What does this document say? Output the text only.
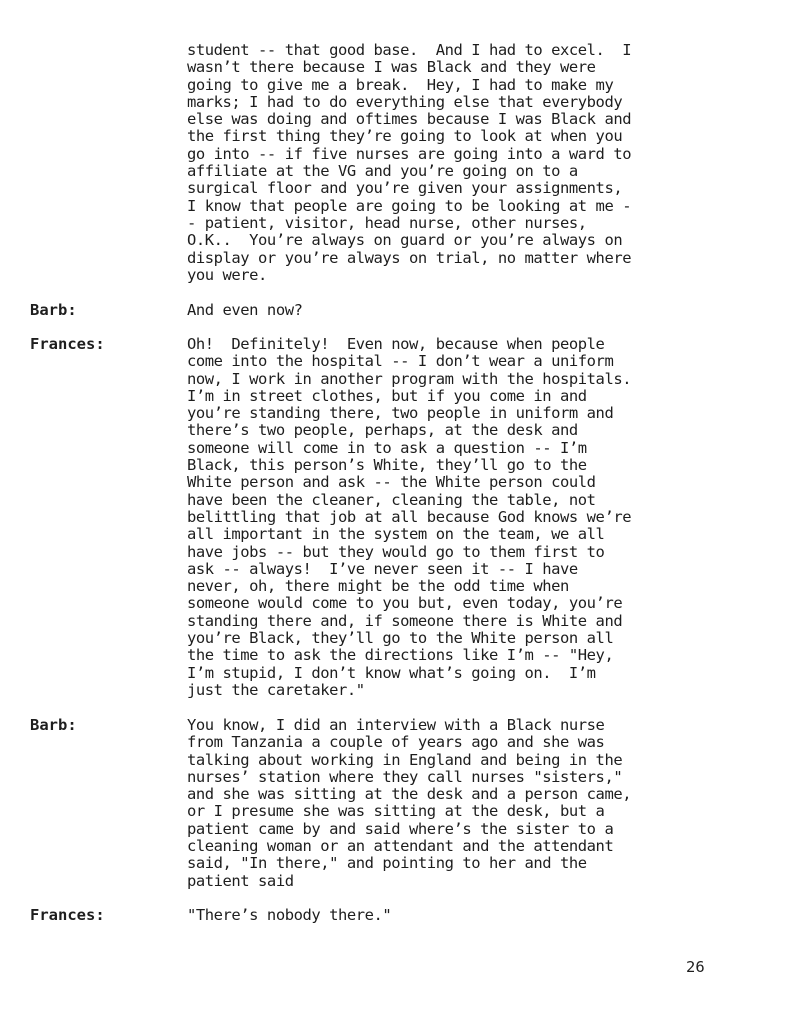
student -- that good base.  And I had to excel.  I
wasn’t there because I was Black and they were
going to give me a break.  Hey, I had to make my
marks; I had to do everything else that everybody
else was doing and oftimes because I was Black and
the first thing they’re going to look at when you
go into -- if five nurses are going into a ward to
affiliate at the VG and you’re going on to a
surgical floor and you’re given your assignments,
I know that people are going to be looking at me -
- patient, visitor, head nurse, other nurses,
O.K..  You’re always on guard or you’re always on
display or you’re always on trial, no matter where
you were.
Barb:	And even now?
Frances:	Oh!  Definitely!  Even now, because when people
come into the hospital -- I don’t wear a uniform
now, I work in another program with the hospitals.
I’m in street clothes, but if you come in and
you’re standing there, two people in uniform and
there’s two people, perhaps, at the desk and
someone will come in to ask a question -- I’m
Black, this person’s White, they’ll go to the
White person and ask -- the White person could
have been the cleaner, cleaning the table, not
belittling that job at all because God knows we’re
all important in the system on the team, we all
have jobs -- but they would go to them first to
ask -- always!  I’ve never seen it -- I have
never, oh, there might be the odd time when
someone would come to you but, even today, you’re
standing there and, if someone there is White and
you’re Black, they’ll go to the White person all
the time to ask the directions like I’m -- "Hey,
I’m stupid, I don’t know what’s going on.  I’m
just the caretaker."
Barb:	You know, I did an interview with a Black nurse
from Tanzania a couple of years ago and she was
talking about working in England and being in the
nurses’ station where they call nurses "sisters,"
and she was sitting at the desk and a person came,
or I presume she was sitting at the desk, but a
patient came by and said where’s the sister to a
cleaning woman or an attendant and the attendant
said, "In there," and pointing to her and the
patient said
Frances:	"There’s nobody there."
26
